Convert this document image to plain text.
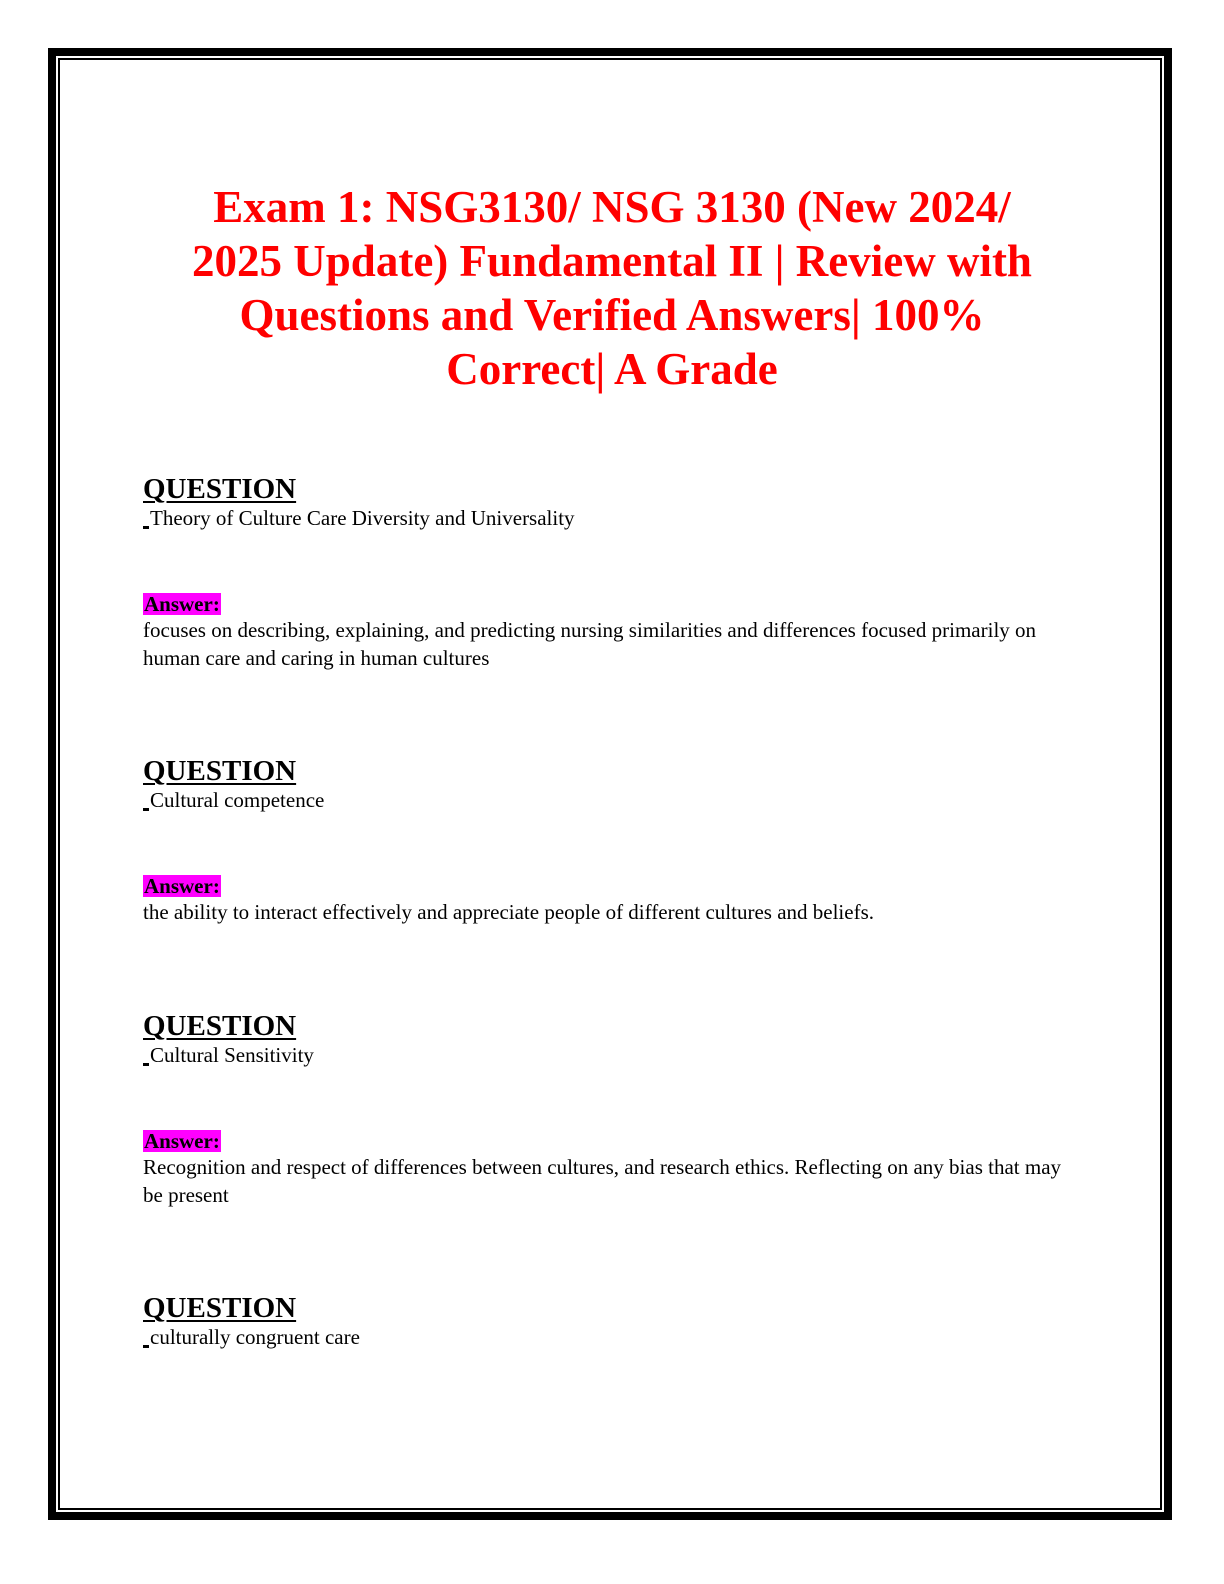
Exam 1: NSG3130/ NSG 3130 (New 2024/
2025 Update) Fundamental II | Review with
Questions and Verified Answers| 100%
Correct| A Grade
QUESTION
Theory of Culture Care Diversity and Universality
Answer:
focuses on describing, explaining, and predicting nursing similarities and differences focused primarily on human care and caring in human cultures
QUESTION
Cultural competence
Answer:
the ability to interact effectively and appreciate people of different cultures and beliefs.
QUESTION
Cultural Sensitivity
Answer:
Recognition and respect of differences between cultures, and research ethics. Reflecting on any bias that may be present
QUESTION
culturally congruent care
